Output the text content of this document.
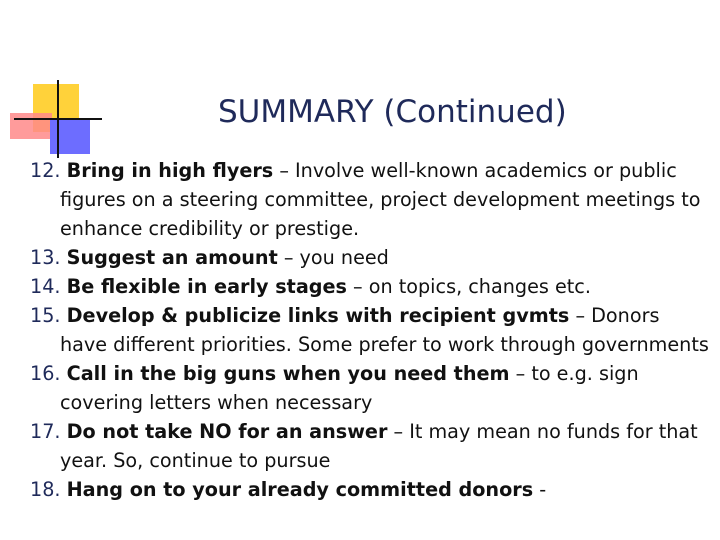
SUMMARY (Continued)
12. Bring in high flyers – Involve well-known academics or public figures on a steering committee, project development meetings to enhance credibility or prestige.
13. Suggest an amount – you need
14. Be flexible in early stages – on topics, changes etc.
15. Develop & publicize links with recipient gvmts – Donors have different priorities. Some prefer to work through governments
16. Call in the big guns when you need them – to e.g. sign covering letters when necessary
17. Do not take NO for an answer – It may mean no funds for that year. So, continue to pursue
18. Hang on to your already committed donors -
